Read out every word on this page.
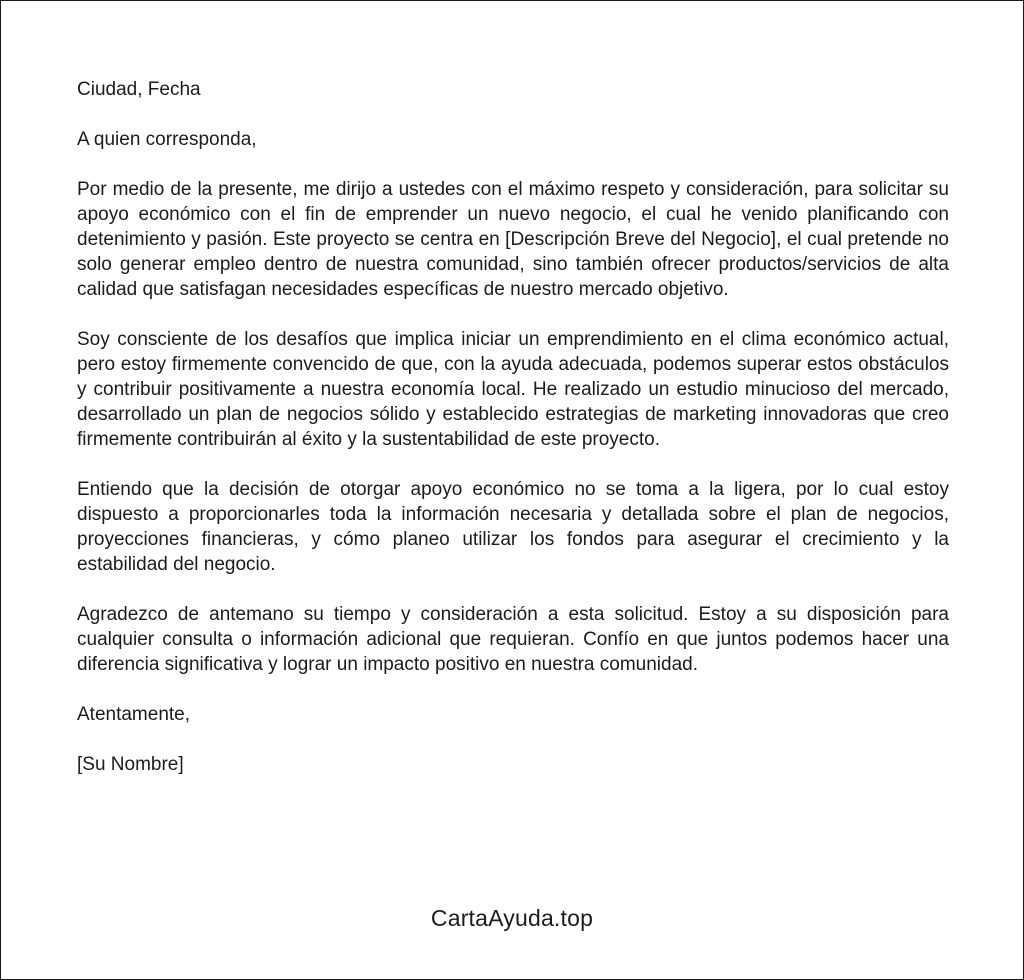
Ciudad, Fecha

A quien corresponda,

Por medio de la presente, me dirijo a ustedes con el máximo respeto y consideración, para solicitar su apoyo económico con el fin de emprender un nuevo negocio, el cual he venido planificando con detenimiento y pasión. Este proyecto se centra en [Descripción Breve del Negocio], el cual pretende no solo generar empleo dentro de nuestra comunidad, sino también ofrecer productos/servicios de alta calidad que satisfagan necesidades específicas de nuestro mercado objetivo.

Soy consciente de los desafíos que implica iniciar un emprendimiento en el clima económico actual, pero estoy firmemente convencido de que, con la ayuda adecuada, podemos superar estos obstáculos y contribuir positivamente a nuestra economía local. He realizado un estudio minucioso del mercado, desarrollado un plan de negocios sólido y establecido estrategias de marketing innovadoras que creo firmemente contribuirán al éxito y la sustentabilidad de este proyecto.

Entiendo que la decisión de otorgar apoyo económico no se toma a la ligera, por lo cual estoy dispuesto a proporcionarles toda la información necesaria y detallada sobre el plan de negocios, proyecciones financieras, y cómo planeo utilizar los fondos para asegurar el crecimiento y la estabilidad del negocio.

Agradezco de antemano su tiempo y consideración a esta solicitud. Estoy a su disposición para cualquier consulta o información adicional que requieran. Confío en que juntos podemos hacer una diferencia significativa y lograr un impacto positivo en nuestra comunidad.

Atentamente,

[Su Nombre]

CartaAyuda.top
